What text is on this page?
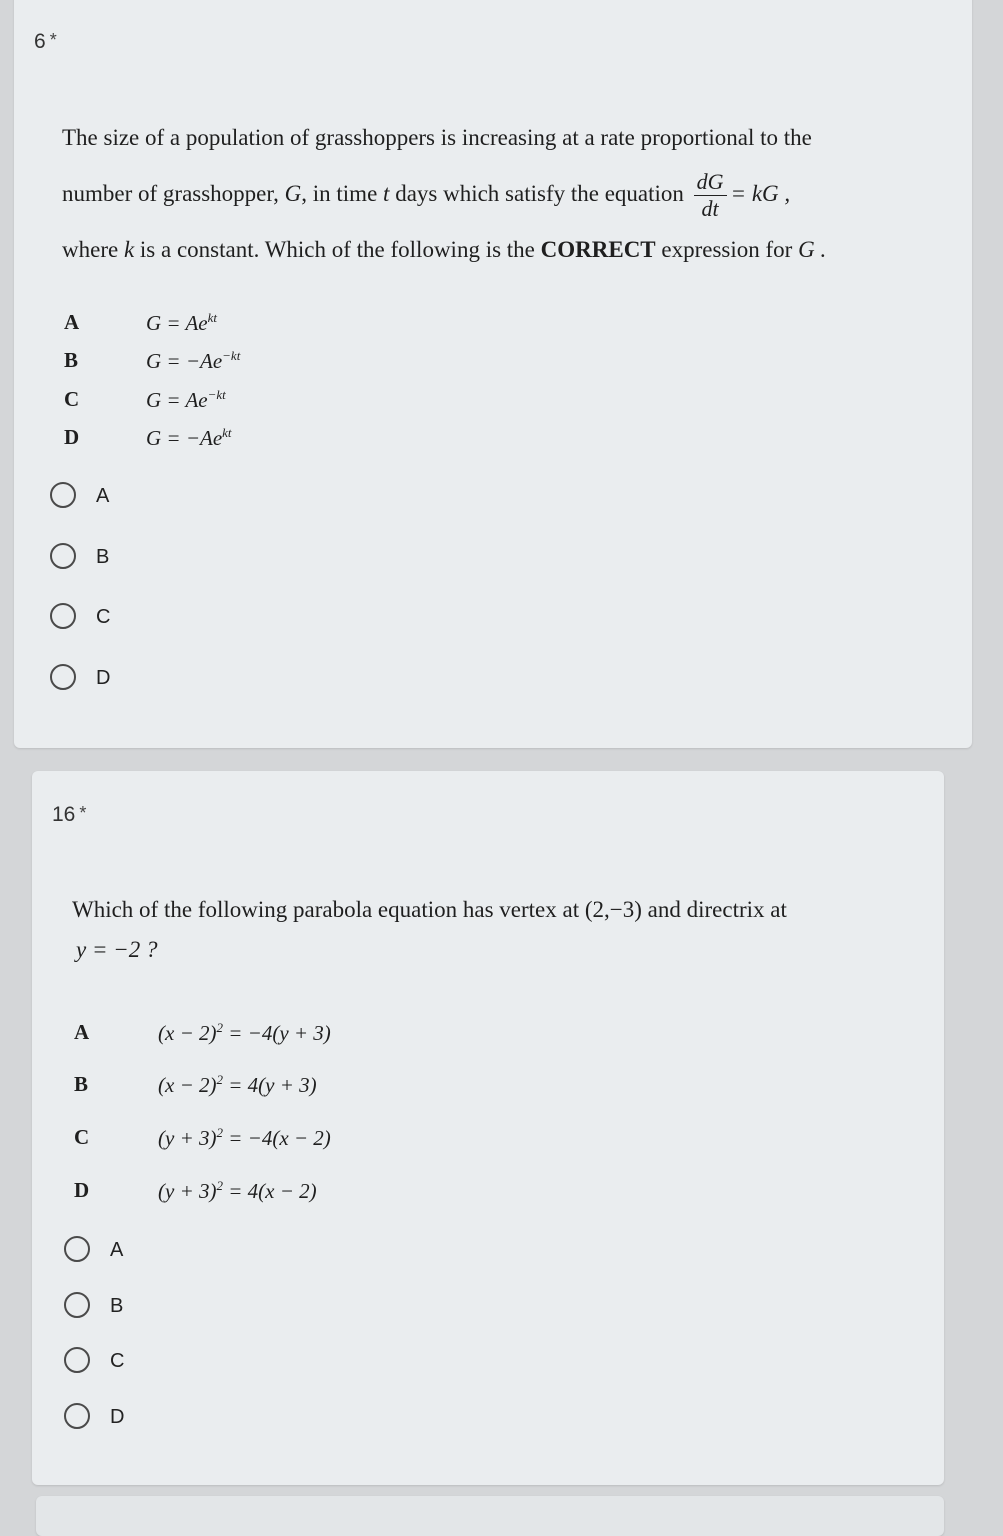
6 *
The size of a population of grasshoppers is increasing at a rate proportional to the
number of grasshopper, G, in time t days which satisfy the equation $\frac{dG}{dt}$ = kG ,
where k is a constant. Which of the following is the CORRECT expression for G .
A	$G = Ae^{kt}$
B	$G = -Ae^{-kt}$
C	$G = Ae^{-kt}$
D	$G = -Ae^{kt}$
A
B
C
D
16 *
Which of the following parabola equation has vertex at (2,−3) and directrix at
y = −2 ?
A	$(x - 2)^2 = -4(y + 3)$
B	$(x - 2)^2 = 4(y + 3)$
C	$(y + 3)^2 = -4(x - 2)$
D	$(y + 3)^2 = 4(x - 2)$
A
B
C
D
